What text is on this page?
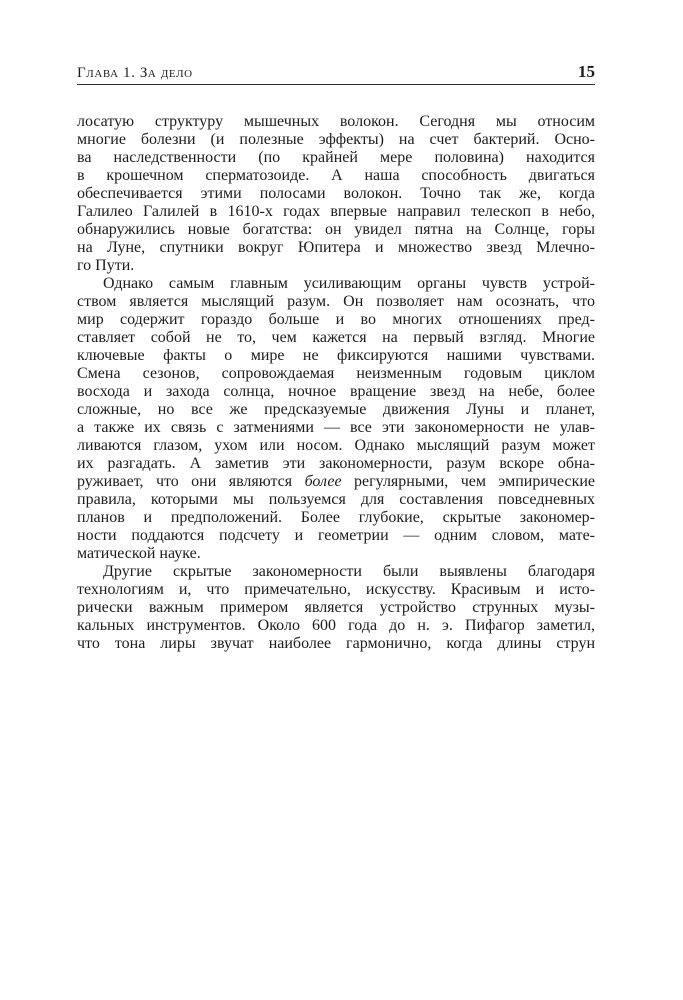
Глава 1. За дело	15
лосатую структуру мышечных волокон. Сегодня мы относим
многие болезни (и полезные эффекты) на счет бактерий. Осно-
ва наследственности (по крайней мере половина) находится
в крошечном сперматозоиде. А наша способность двигаться
обеспечивается этими полосами волокон. Точно так же, когда
Галилео Галилей в 1610-х годах впервые направил телескоп в небо,
обнаружились новые богатства: он увидел пятна на Солнце, горы
на Луне, спутники вокруг Юпитера и множество звезд Млечно-
го Пути.
Однако самым главным усиливающим органы чувств устрой-
ством является мыслящий разум. Он позволяет нам осознать, что
мир содержит гораздо больше и во многих отношениях пред-
ставляет собой не то, чем кажется на первый взгляд. Многие
ключевые факты о мире не фиксируются нашими чувствами.
Смена сезонов, сопровождаемая неизменным годовым циклом
восхода и захода солнца, ночное вращение звезд на небе, более
сложные, но все же предсказуемые движения Луны и планет,
а также их связь с затмениями — все эти закономерности не улав-
ливаются глазом, ухом или носом. Однако мыслящий разум может
их разгадать. А заметив эти закономерности, разум вскоре обна-
руживает, что они являются более регулярными, чем эмпирические
правила, которыми мы пользуемся для составления повседневных
планов и предположений. Более глубокие, скрытые закономер-
ности поддаются подсчету и геометрии — одним словом, мате-
матической науке.
Другие скрытые закономерности были выявлены благодаря
технологиям и, что примечательно, искусству. Красивым и исто-
рически важным примером является устройство струнных музы-
кальных инструментов. Около 600 года до н. э. Пифагор заметил,
что тона лиры звучат наиболее гармонично, когда длины струн
